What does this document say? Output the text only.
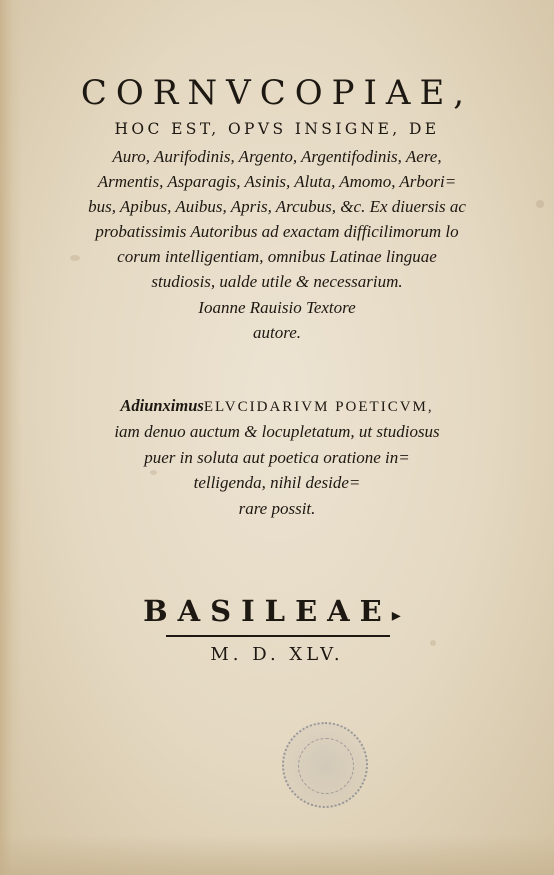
CORNVCOPIAE,
HOC EST, OPVS INSIGNE, DE
Auro, Aurifodinis, Argento, Argentifodinis, Aere,
Armentis, Asparagis, Asinis, Aluta, Amomo, Arbori=
bus, Apibus, Auibus, Apris, Arcubus, &c. Ex diuersis ac
probatissimis Autoribus ad exactam difficilimorum lo
corum intelligentiam, omnibus Latinae linguae
studiosis, ualde utile & necessarium.
Ioanne Rauisio Textore
autore.
AdiunximusELVCIDARIVM POETICVM,
iam denuo auctum & locupletatum, ut studiosus
puer in soluta aut poetica oratione in=
telligenda, nihil deside=
rare possit.
BASILEAE▸
M. D. XLV.
